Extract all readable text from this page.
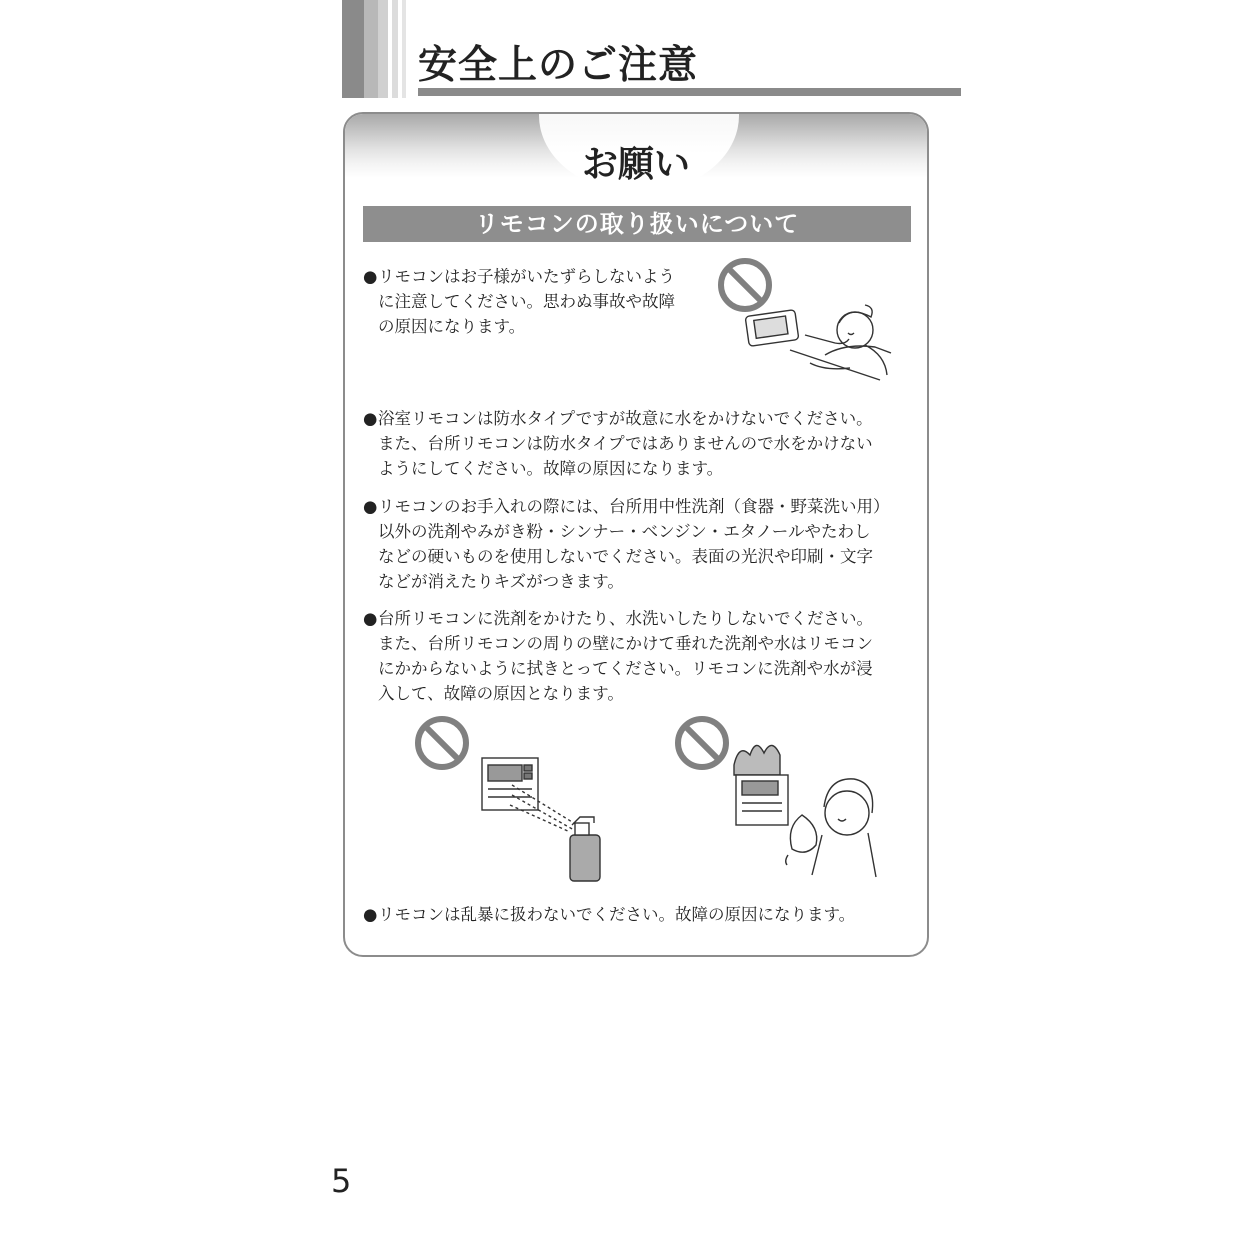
安全上のご注意
お願い
リモコンの取り扱いについて
● リモコンはお子様がいたずらしないよう
に注意してください。思わぬ事故や故障
の原因になります。
● 浴室リモコンは防水タイプですが故意に水をかけないでください。
また、台所リモコンは防水タイプではありませんので水をかけない
ようにしてください。故障の原因になります。
● リモコンのお手入れの際には、台所用中性洗剤（食器・野菜洗い用）
以外の洗剤やみがき粉・シンナー・ベンジン・エタノールやたわし
などの硬いものを使用しないでください。表面の光沢や印刷・文字
などが消えたりキズがつきます。
● 台所リモコンに洗剤をかけたり、水洗いしたりしないでください。
また、台所リモコンの周りの壁にかけて垂れた洗剤や水はリモコン
にかからないように拭きとってください。リモコンに洗剤や水が浸
入して、故障の原因となります。
● リモコンは乱暴に扱わないでください。故障の原因になります。
5
